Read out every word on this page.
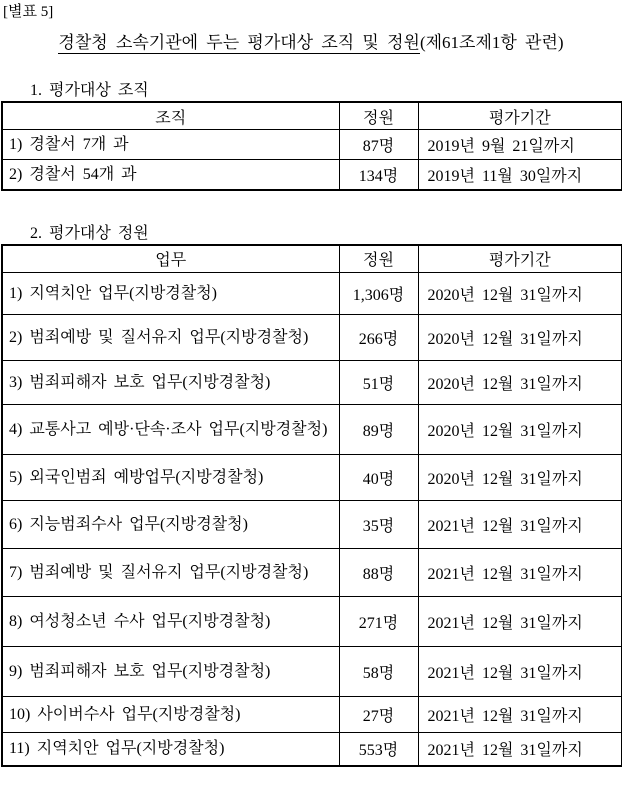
[별표 5]
경찰청 소속기관에 두는 평가대상 조직 및 정원(제61조제1항 관련)
1. 평가대상 조직
조직	정원	평가기간
1) 경찰서 7개 과	87명	2019년 9월 21일까지
2) 경찰서 54개 과	134명	2019년 11월 30일까지
2. 평가대상 정원
업무	정원	평가기간
1) 지역치안 업무(지방경찰청)	1,306명	2020년 12월 31일까지
2) 범죄예방 및 질서유지 업무(지방경찰청)	266명	2020년 12월 31일까지
3) 범죄피해자 보호 업무(지방경찰청)	51명	2020년 12월 31일까지
4) 교통사고 예방·단속·조사 업무(지방경찰청)	89명	2020년 12월 31일까지
5) 외국인범죄 예방업무(지방경찰청)	40명	2020년 12월 31일까지
6) 지능범죄수사 업무(지방경찰청)	35명	2021년 12월 31일까지
7) 범죄예방 및 질서유지 업무(지방경찰청)	88명	2021년 12월 31일까지
8) 여성청소년 수사 업무(지방경찰청)	271명	2021년 12월 31일까지
9) 범죄피해자 보호 업무(지방경찰청)	58명	2021년 12월 31일까지
10) 사이버수사 업무(지방경찰청)	27명	2021년 12월 31일까지
11) 지역치안 업무(지방경찰청)	553명	2021년 12월 31일까지
